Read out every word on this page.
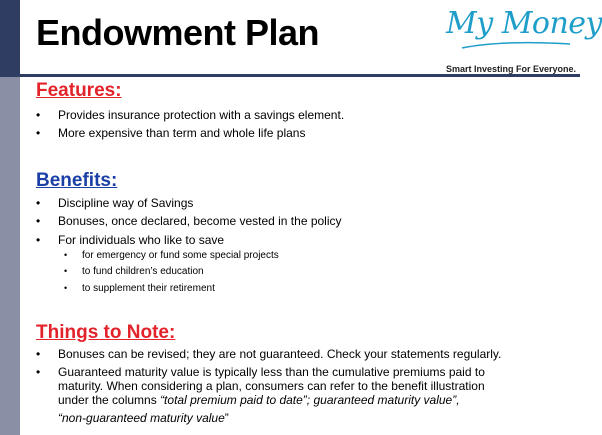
Endowment Plan	My Money
Smart Investing For Everyone.
Features:
• Provides insurance protection with a savings element.
• More expensive than term and whole life plans
Benefits:
• Discipline way of Savings
• Bonuses, once declared, become vested in the policy
• For individuals who like to save
• for emergency or fund some special projects
• to fund children’s education
• to supplement their retirement
Things to Note:
• Bonuses can be revised; they are not guaranteed. Check your statements regularly.
• Guaranteed maturity value is typically less than the cumulative premiums paid to
maturity. When considering a plan, consumers can refer to the benefit illustration
under the columns “total premium paid to date”; guaranteed maturity value”,
“non-guaranteed maturity value”
